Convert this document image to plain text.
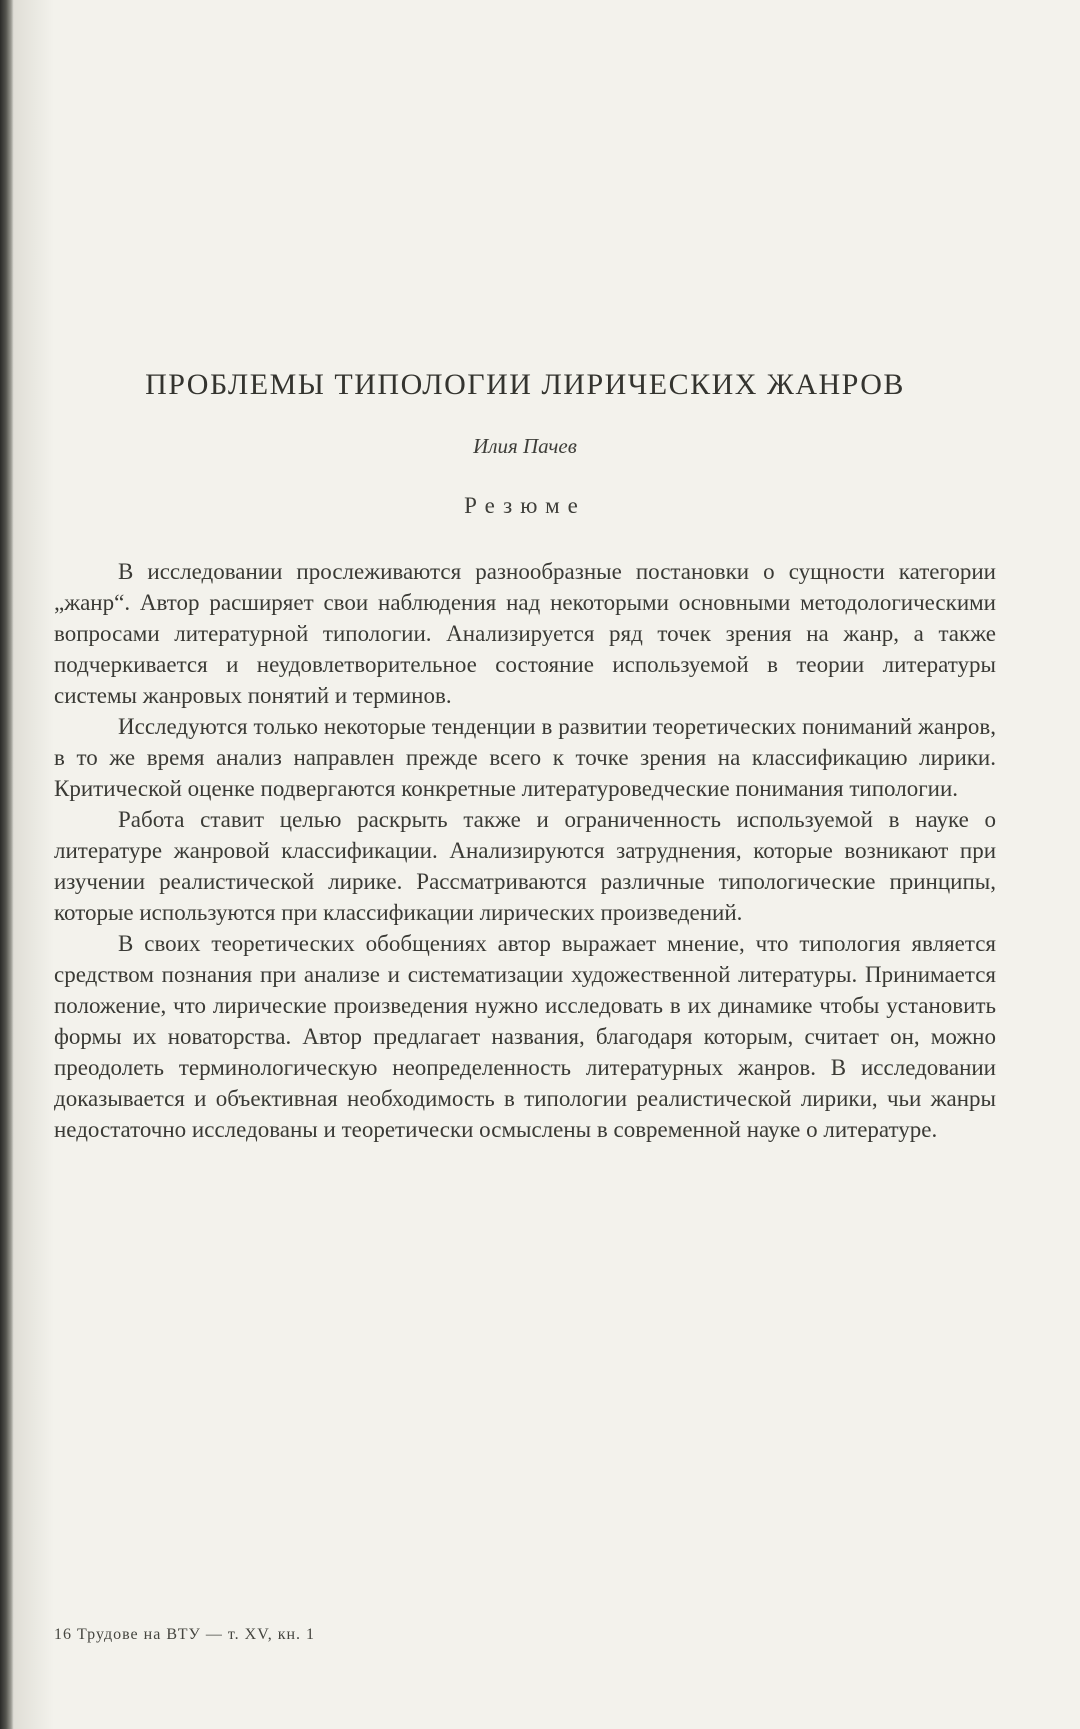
ПРОБЛЕМЫ ТИПОЛОГИИ ЛИРИЧЕСКИХ ЖАНРОВ

Илия Пачев

Резюме

В исследовании прослеживаются разнообразные постановки о сущности категории „жанр“. Автор расширяет свои наблюдения над некоторыми основными методологическими вопросами литературной типологии. Анализируется ряд точек зрения на жанр, а также подчеркивается и неудовлетворительное состояние используемой в теории литературы системы жанровых понятий и терминов.

Исследуются только некоторые тенденции в развитии теоретических пониманий жанров, в то же время анализ направлен прежде всего к точке зрения на классификацию лирики. Критической оценке подвергаются конкретные литературоведческие понимания типологии.

Работа ставит целью раскрыть также и ограниченность используемой в науке о литературе жанровой классификации. Анализируются затруднения, которые возникают при изучении реалистической лирике. Рассматриваются различные типологические принципы, которые используются при классификации лирических произведений.

В своих теоретических обобщениях автор выражает мнение, что типология является средством познания при анализе и систематизации художественной литературы. Принимается положение, что лирические произведения нужно исследовать в их динамике чтобы установить формы их новаторства. Автор предлагает названия, благодаря которым, считает он, можно преодолеть терминологическую неопределенность литературных жанров. В исследовании доказывается и объективная необходимость в типологии реалистической лирики, чьи жанры недостаточно исследованы и теоретически осмыслены в современной науке о литературе.

16 Трудове на ВТУ — т. XV, кн. 1
